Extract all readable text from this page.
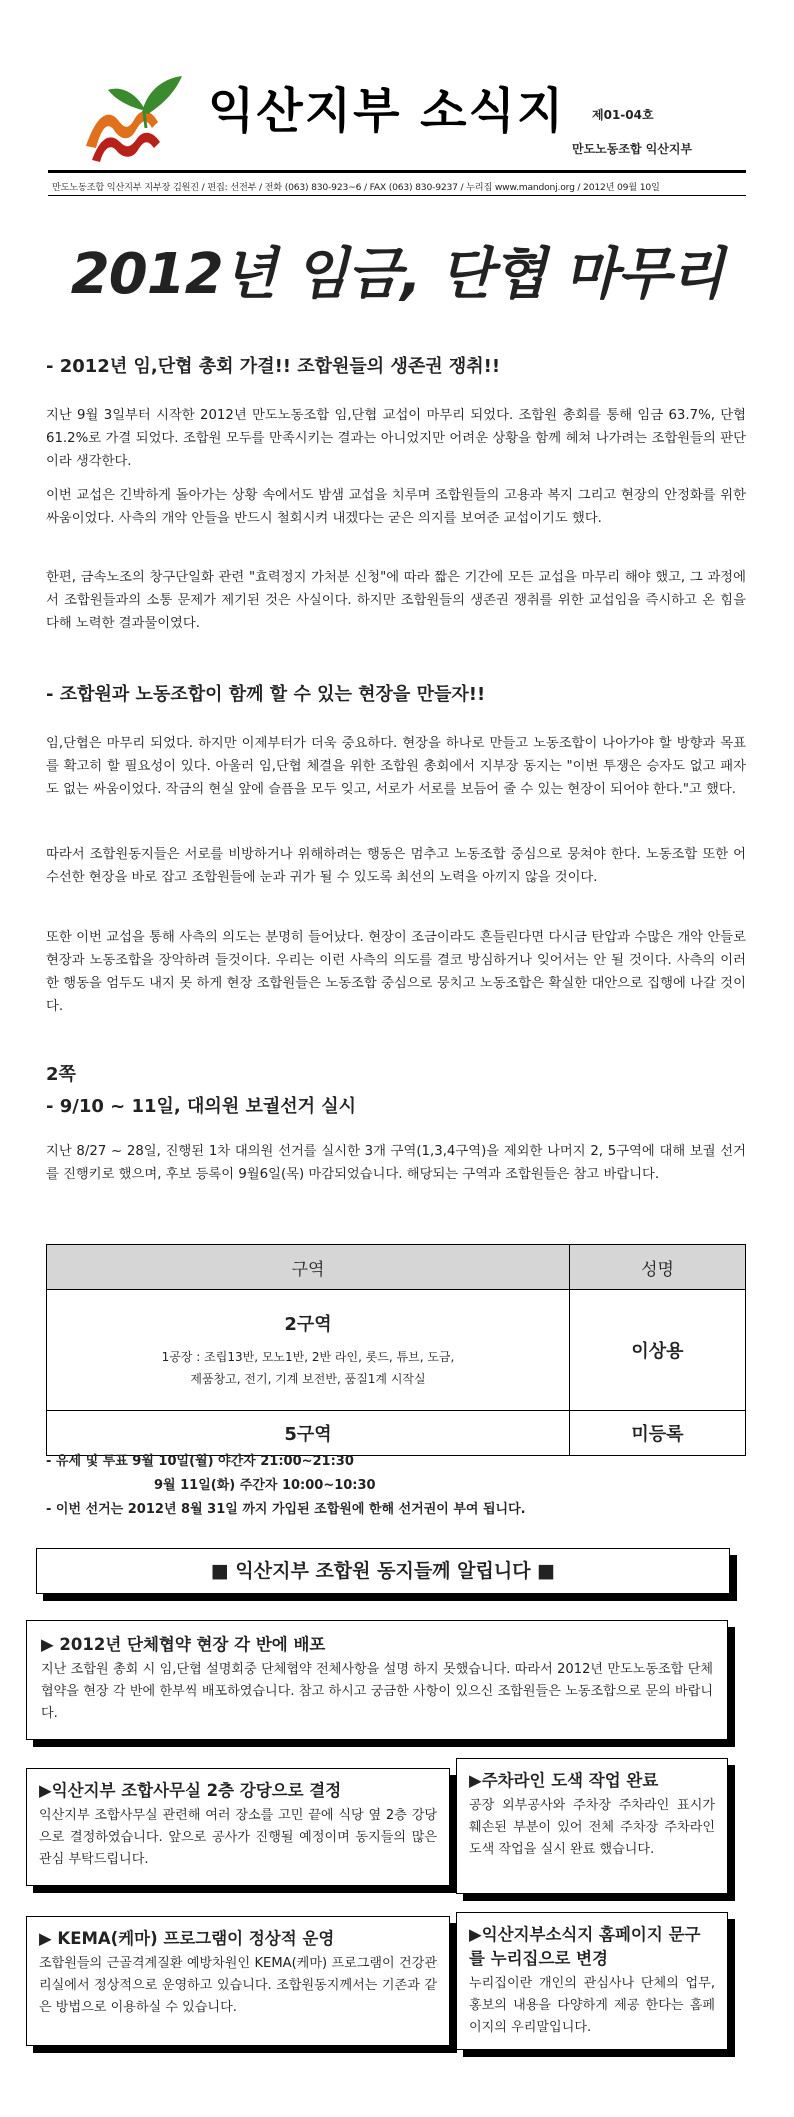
익산지부 소식지 제01-04호
만도노동조합 익산지부
만도노동조합 익산지부 지부장 김원진 / 편집: 선전부 / 전화 (063) 830-923~6 / FAX (063) 830-9237 / 누리집 www.mandonj.org / 2012년 09월 10일
2012년 임금, 단협 마무리
- 2012년 임,단협 총회 가결!! 조합원들의 생존권 쟁취!!

지난 9월 3일부터 시작한 2012년 만도노동조합 임,단협 교섭이 마무리 되었다. 조합원 총회를 통해 임금 63.7%, 단협 61.2%로 가결 되었다. 조합원 모두를 만족시키는 결과는 아니었지만 어려운 상황을 함께 헤쳐 나가려는 조합원들의 판단이라 생각한다.

이번 교섭은 긴박하게 돌아가는 상황 속에서도 밤샘 교섭을 치루며 조합원들의 고용과 복지 그리고 현장의 안정화를 위한 싸움이었다. 사측의 개악 안들을 반드시 철회시켜 내겠다는 굳은 의지를 보여준 교섭이기도 했다.

한편, 금속노조의 창구단일화 관련 "효력정지 가처분 신청"에 따라 짧은 기간에 모든 교섭을 마무리 해야 했고, 그 과정에서 조합원들과의 소통 문제가 제기된 것은 사실이다. 하지만 조합원들의 생존권 쟁취를 위한 교섭임을 즉시하고 온 힘을 다해 노력한 결과물이였다.

- 조합원과 노동조합이 함께 할 수 있는 현장을 만들자!!

임,단협은 마무리 되었다. 하지만 이제부터가 더욱 중요하다. 현장을 하나로 만들고 노동조합이 나아가야 할 방향과 목표를 확고히 할 필요성이 있다. 아울러 임,단협 체결을 위한 조합원 총회에서 지부장 동지는 "이번 투쟁은 승자도 없고 패자도 없는 싸움이었다. 작금의 현실 앞에 슬픔을 모두 잊고, 서로가 서로를 보듬어 줄 수 있는 현장이 되어야 한다."고 했다.

따라서 조합원동지들은 서로를 비방하거나 위해하려는 행동은 멈추고 노동조합 중심으로 뭉쳐야 한다. 노동조합 또한 어수선한 현장을 바로 잡고 조합원들에 눈과 귀가 될 수 있도록 최선의 노력을 아끼지 않을 것이다.

또한 이번 교섭을 통해 사측의 의도는 분명히 들어났다. 현장이 조금이라도 흔들린다면 다시금 탄압과 수많은 개악 안들로 현장과 노동조합을 장악하려 들것이다. 우리는 이런 사측의 의도를 결코 방심하거나 잊어서는 안 될 것이다. 사측의 이러한 행동을 엄두도 내지 못 하게 현장 조합원들은 노동조합 중심으로 뭉치고 노동조합은 확실한 대안으로 집행에 나갈 것이다.

2쪽
- 9/10 ~ 11일, 대의원 보궐선거 실시

지난 8/27 ~ 28일, 진행된 1차 대의원 선거를 실시한 3개 구역(1,3,4구역)을 제외한 나머지 2, 5구역에 대해 보궐 선거를 진행키로 했으며, 후보 등록이 9월6일(목) 마감되었습니다. 해당되는 구역과 조합원들은 참고 바랍니다.

구역	성명

2구역
1공장 : 조립13반, 모노1반, 2반 라인, 롯드, 튜브, 도금,
제품창고, 전기, 기계 보전반, 품질1계 시작실	이상용

5구역	미등록
- 유세 및 투표 9월 10일(월) 야간자 21:00~21:30
9월 11일(화) 주간자 10:00~10:30
- 이번 선거는 2012년 8월 31일 까지 가입된 조합원에 한해 선거권이 부여 됩니다.
■ 익산지부 조합원 동지들께 알립니다 ■

▶ 2012년 단체협약 현장 각 반에 배포

지난 조합원 총회 시 임,단협 설명회중 단체협약 전체사항을 설명 하지 못했습니다. 따라서 2012년 만도노동조합 단체협약을 현장 각 반에 한부씩 배포하였습니다. 참고 하시고 궁금한 사항이 있으신 조합원들은 노동조합으로 문의 바랍니다.

▶익산지부 조합사무실 2층 강당으로 결정

익산지부 조합사무실 관련해 여러 장소를 고민 끝에 식당 옆 2층 강당으로 결정하였습니다. 앞으로 공사가 진행될 예정이며 동지들의 많은 관심 부탁드립니다.

▶주차라인 도색 작업 완료

공장 외부공사와 주차장 주차라인 표시가 훼손된 부분이 있어 전체 주차장 주차라인 도색 작업을 실시 완료 했습니다.

▶ KEMA(케마) 프로그램이 정상적 운영

조합원들의 근골격계질환 예방차원인 KEMA(케마) 프로그램이 건강관리실에서 정상적으로 운영하고 있습니다. 조합원동지께서는 기존과 같은 방법으로 이용하실 수 있습니다.

▶익산지부소식지 홈페이지 문구를 누리집으로 변경

누리집이란 개인의 관심사나 단체의 업무,홍보의 내용을 다양하게 제공 한다는 홈페이지의 우리말입니다.
